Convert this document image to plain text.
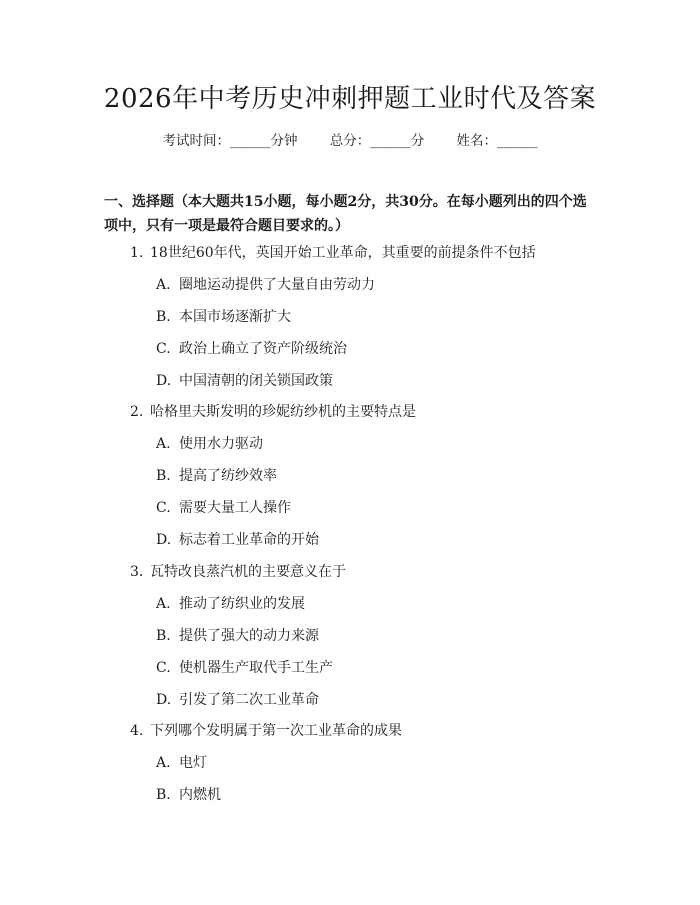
2026年中考历史冲刺押题工业时代及答案
考试时间：______分钟 总分：______分 姓名：______

一、选择题（本大题共15小题，每小题2分，共30分。在每小题列出的四个选项中，只有一项是最符合题目要求的。）

1. 18世纪60年代，英国开始工业革命，其重要的前提条件不包括
A. 圈地运动提供了大量自由劳动力
B. 本国市场逐渐扩大
C. 政治上确立了资产阶级统治
D. 中国清朝的闭关锁国政策
2. 哈格里夫斯发明的珍妮纺纱机的主要特点是
A. 使用水力驱动
B. 提高了纺纱效率
C. 需要大量工人操作
D. 标志着工业革命的开始
3. 瓦特改良蒸汽机的主要意义在于
A. 推动了纺织业的发展
B. 提供了强大的动力来源
C. 使机器生产取代手工生产
D. 引发了第二次工业革命
4. 下列哪个发明属于第一次工业革命的成果
A. 电灯
B. 内燃机
